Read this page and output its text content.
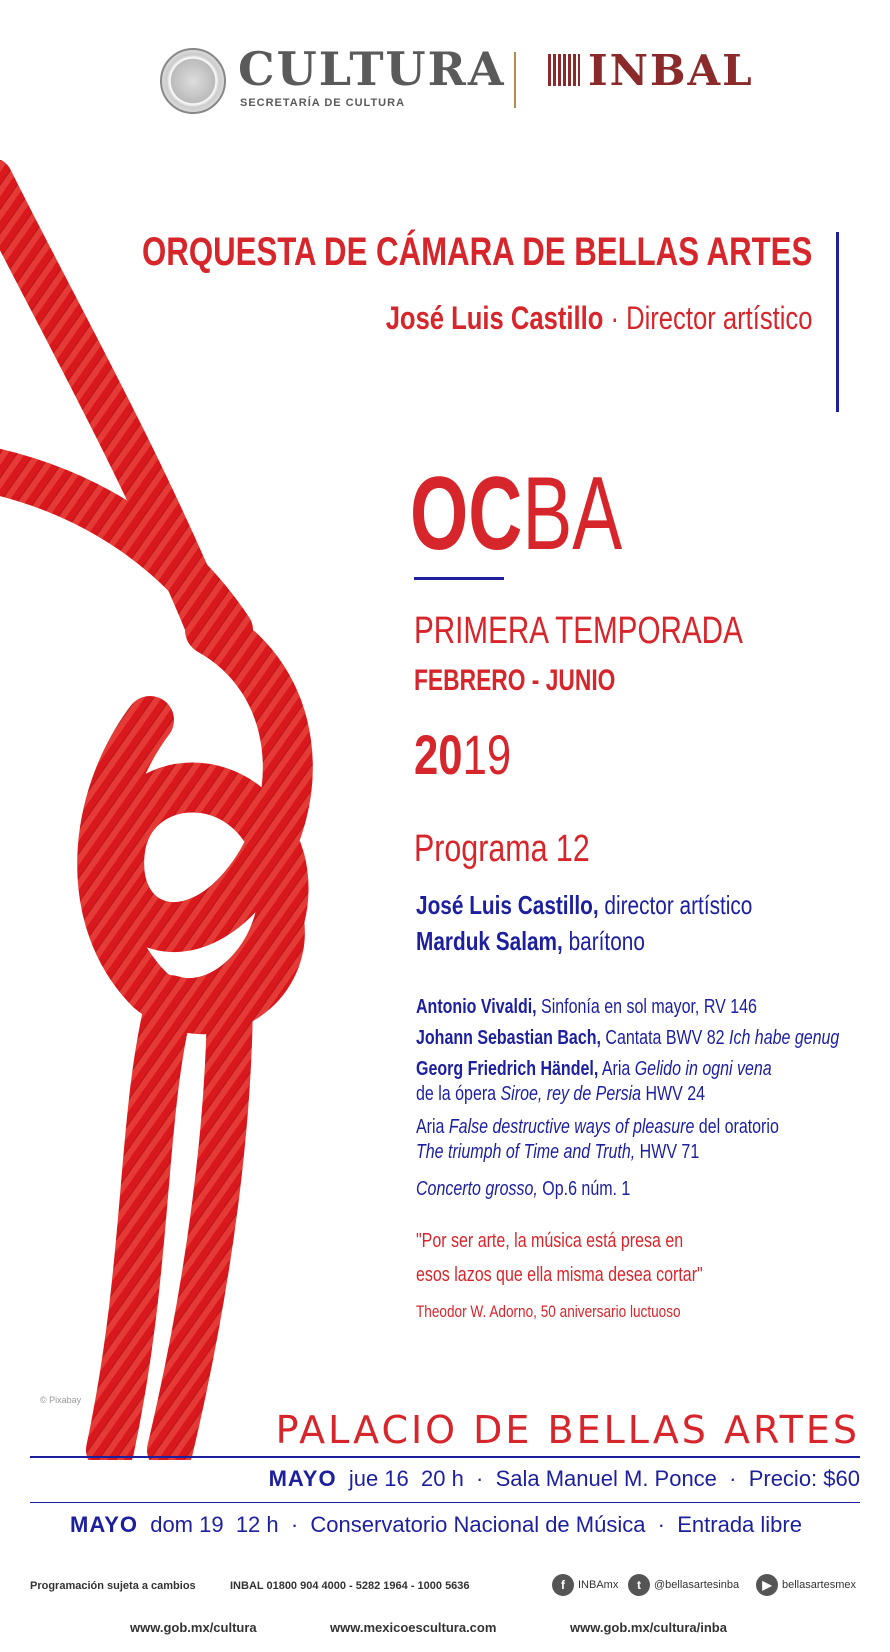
CULTURA
SECRETARÍA DE CULTURA
INBAL
ORQUESTA DE CÁMARA DE BELLAS ARTES
José Luis Castillo · Director artístico
OCBA
PRIMERA TEMPORADA
FEBRERO - JUNIO
2019
Programa 12
José Luis Castillo, director artístico
Marduk Salam, barítono
Antonio Vivaldi, Sinfonía en sol mayor, RV 146
Johann Sebastian Bach, Cantata BWV 82 Ich habe genug
Georg Friedrich Händel, Aria Gelido in ogni vena
de la ópera Siroe, rey de Persia HWV 24
Aria False destructive ways of pleasure del oratorio
The triumph of Time and Truth, HWV 71
Concerto grosso, Op.6 núm. 1
"Por ser arte, la música está presa en
esos lazos que ella misma desea cortar"
Theodor W. Adorno, 50 aniversario luctuoso
© Pixabay
PALACIO DE BELLAS ARTES
MAYO  jue 16  20 h  ·  Sala Manuel M. Ponce  ·  Precio: $60
MAYO  dom 19  12 h  ·  Conservatorio Nacional de Música  ·  Entrada libre
Programación sujeta a cambios	INBAL 01800 904 4000 - 5282 1964 - 1000 5636	f INBAmx	t @bellasartesinba	▶ bellasartesmex
www.gob.mx/cultura	www.mexicoescultura.com	www.gob.mx/cultura/inba
